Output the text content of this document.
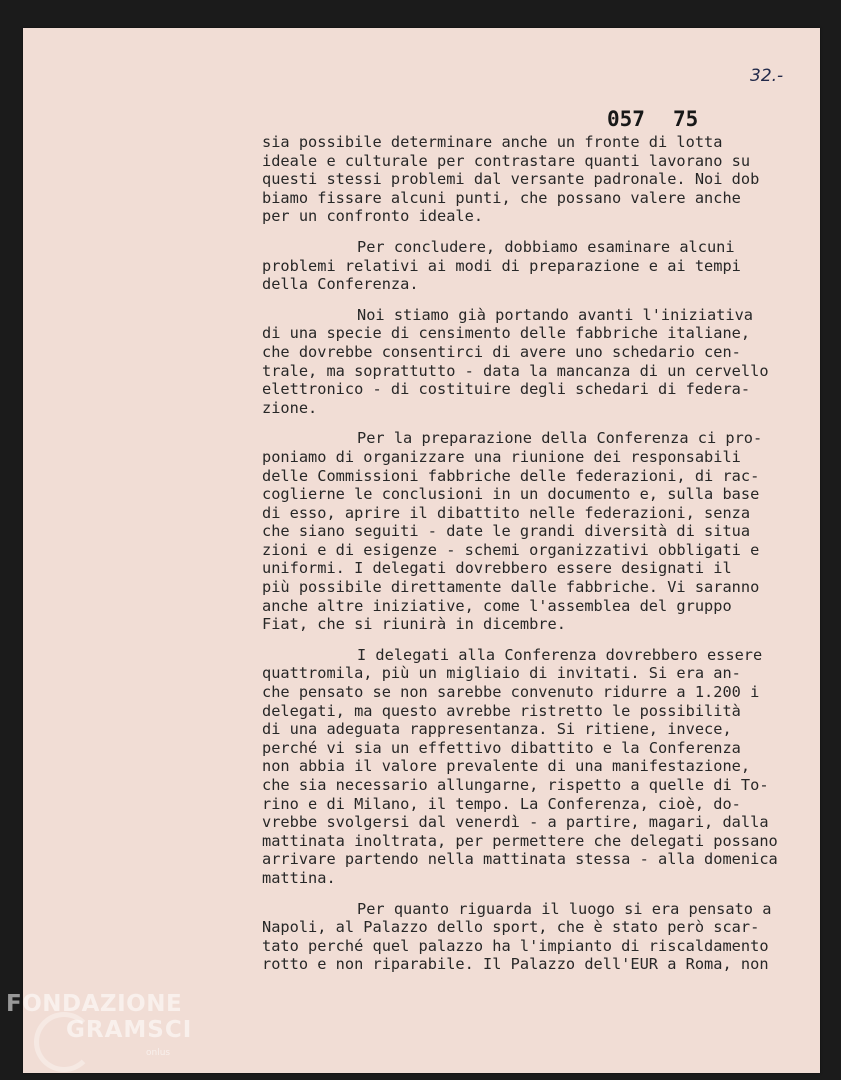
32.-
057 75
sia possibile determinare anche un fronte di lotta
ideale e culturale per contrastare quanti lavorano su
questi stessi problemi dal versante padronale. Noi dob
biamo fissare alcuni punti, che possano valere anche
per un confronto ideale.
Per concludere, dobbiamo esaminare alcuni
problemi relativi ai modi di preparazione e ai tempi
della Conferenza.
Noi stiamo già portando avanti l'iniziativa
di una specie di censimento delle fabbriche italiane,
che dovrebbe consentirci di avere uno schedario cen-
trale, ma soprattutto - data la mancanza di un cervello
elettronico - di costituire degli schedari di federa-
zione.
Per la preparazione della Conferenza ci pro-
poniamo di organizzare una riunione dei responsabili
delle Commissioni fabbriche delle federazioni, di rac-
coglierne le conclusioni in un documento e, sulla base
di esso, aprire il dibattito nelle federazioni, senza
che siano seguiti - date le grandi diversità di situa
zioni e di esigenze - schemi organizzativi obbligati e
uniformi. I delegati dovrebbero essere designati il
più possibile direttamente dalle fabbriche. Vi saranno
anche altre iniziative, come l'assemblea del gruppo
Fiat, che si riunirà in dicembre.
I delegati alla Conferenza dovrebbero essere
quattromila, più un migliaio di invitati. Si era an-
che pensato se non sarebbe convenuto ridurre a 1.200 i
delegati, ma questo avrebbe ristretto le possibilità
di una adeguata rappresentanza. Si ritiene, invece,
perché vi sia un effettivo dibattito e la Conferenza
non abbia il valore prevalente di una manifestazione,
che sia necessario allungarne, rispetto a quelle di To-
rino e di Milano, il tempo. La Conferenza, cioè, do-
vrebbe svolgersi dal venerdì - a partire, magari, dalla
mattinata inoltrata, per permettere che delegati possano
arrivare partendo nella mattinata stessa - alla domenica
mattina.
Per quanto riguarda il luogo si era pensato a
Napoli, al Palazzo dello sport, che è stato però scar-
tato perché quel palazzo ha l'impianto di riscaldamento
rotto e non riparabile. Il Palazzo dell'EUR a Roma, non
FONDAZIONE
GRAMSCI
onlus
